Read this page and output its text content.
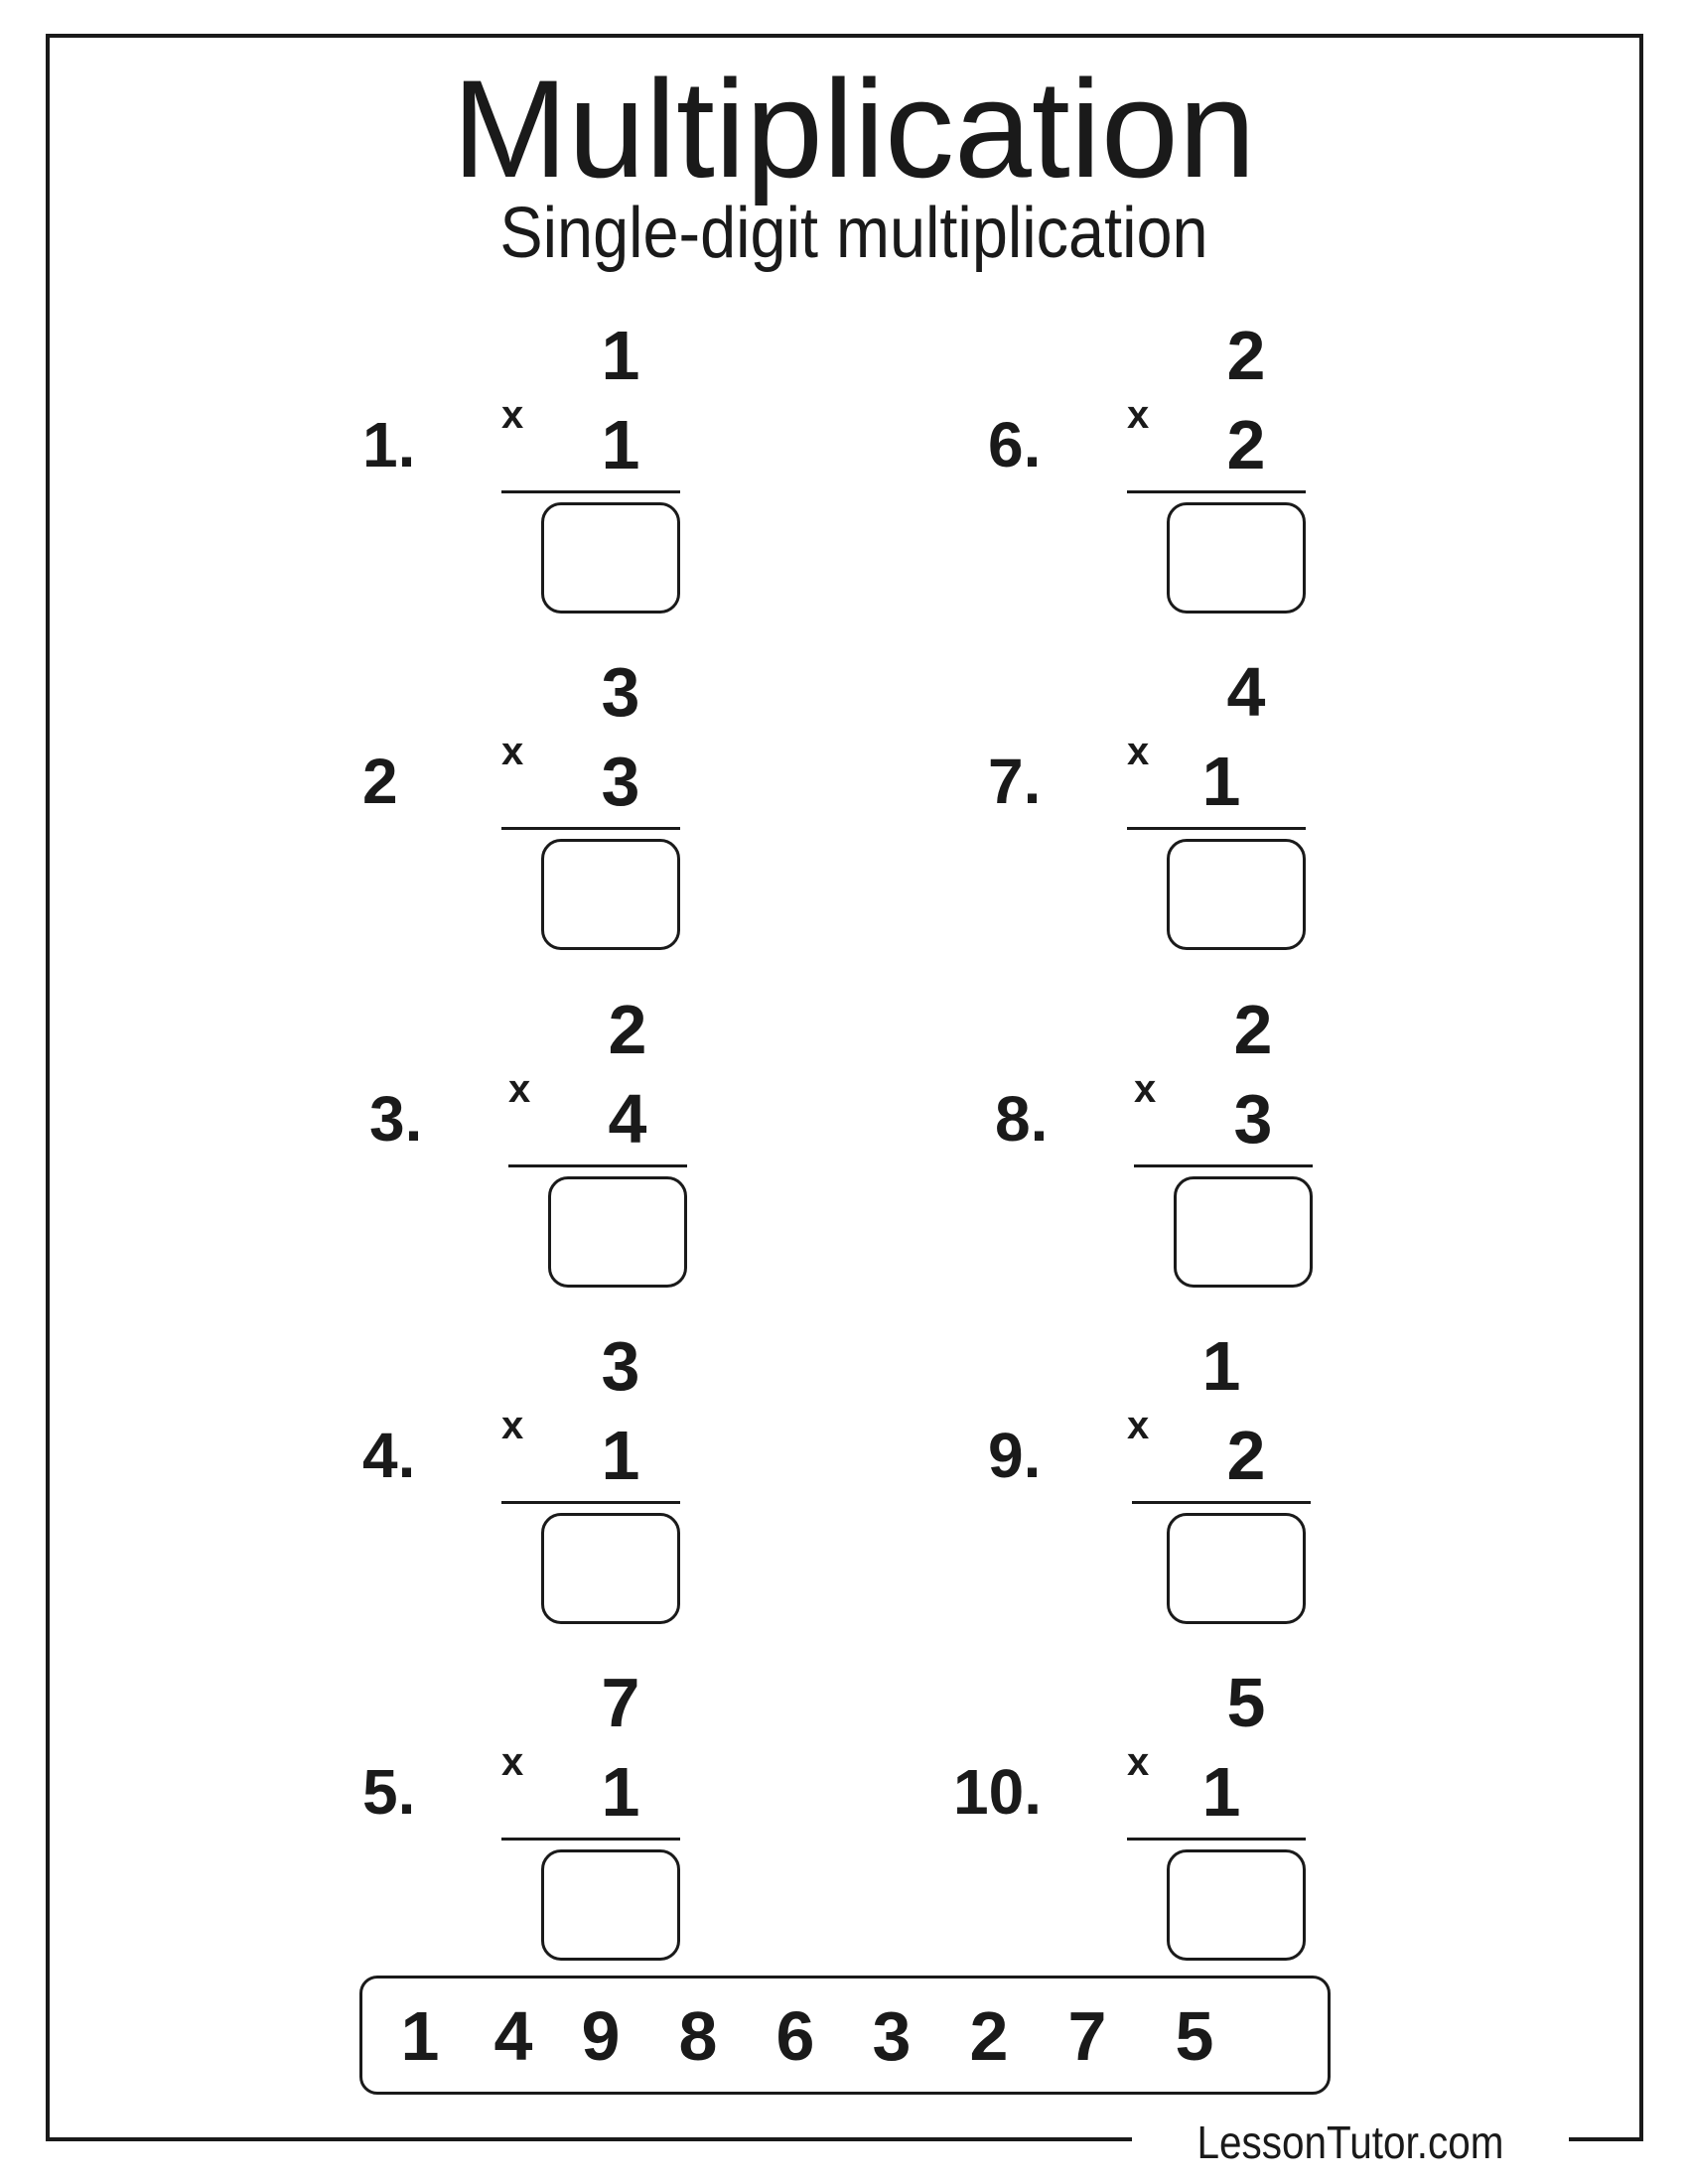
LessonTutor.com
Multiplication
Single-digit multiplication
1.
1
x	1
2
3
x	3
3.
2
x	4
4.
3
x	1
5.
7
x	1
6.
2
x	2
7.
4
x 1
8.
2
x	3
9.
1
x	2
10.
5
x 1
1 4 9 8 6 3 2 7 5
